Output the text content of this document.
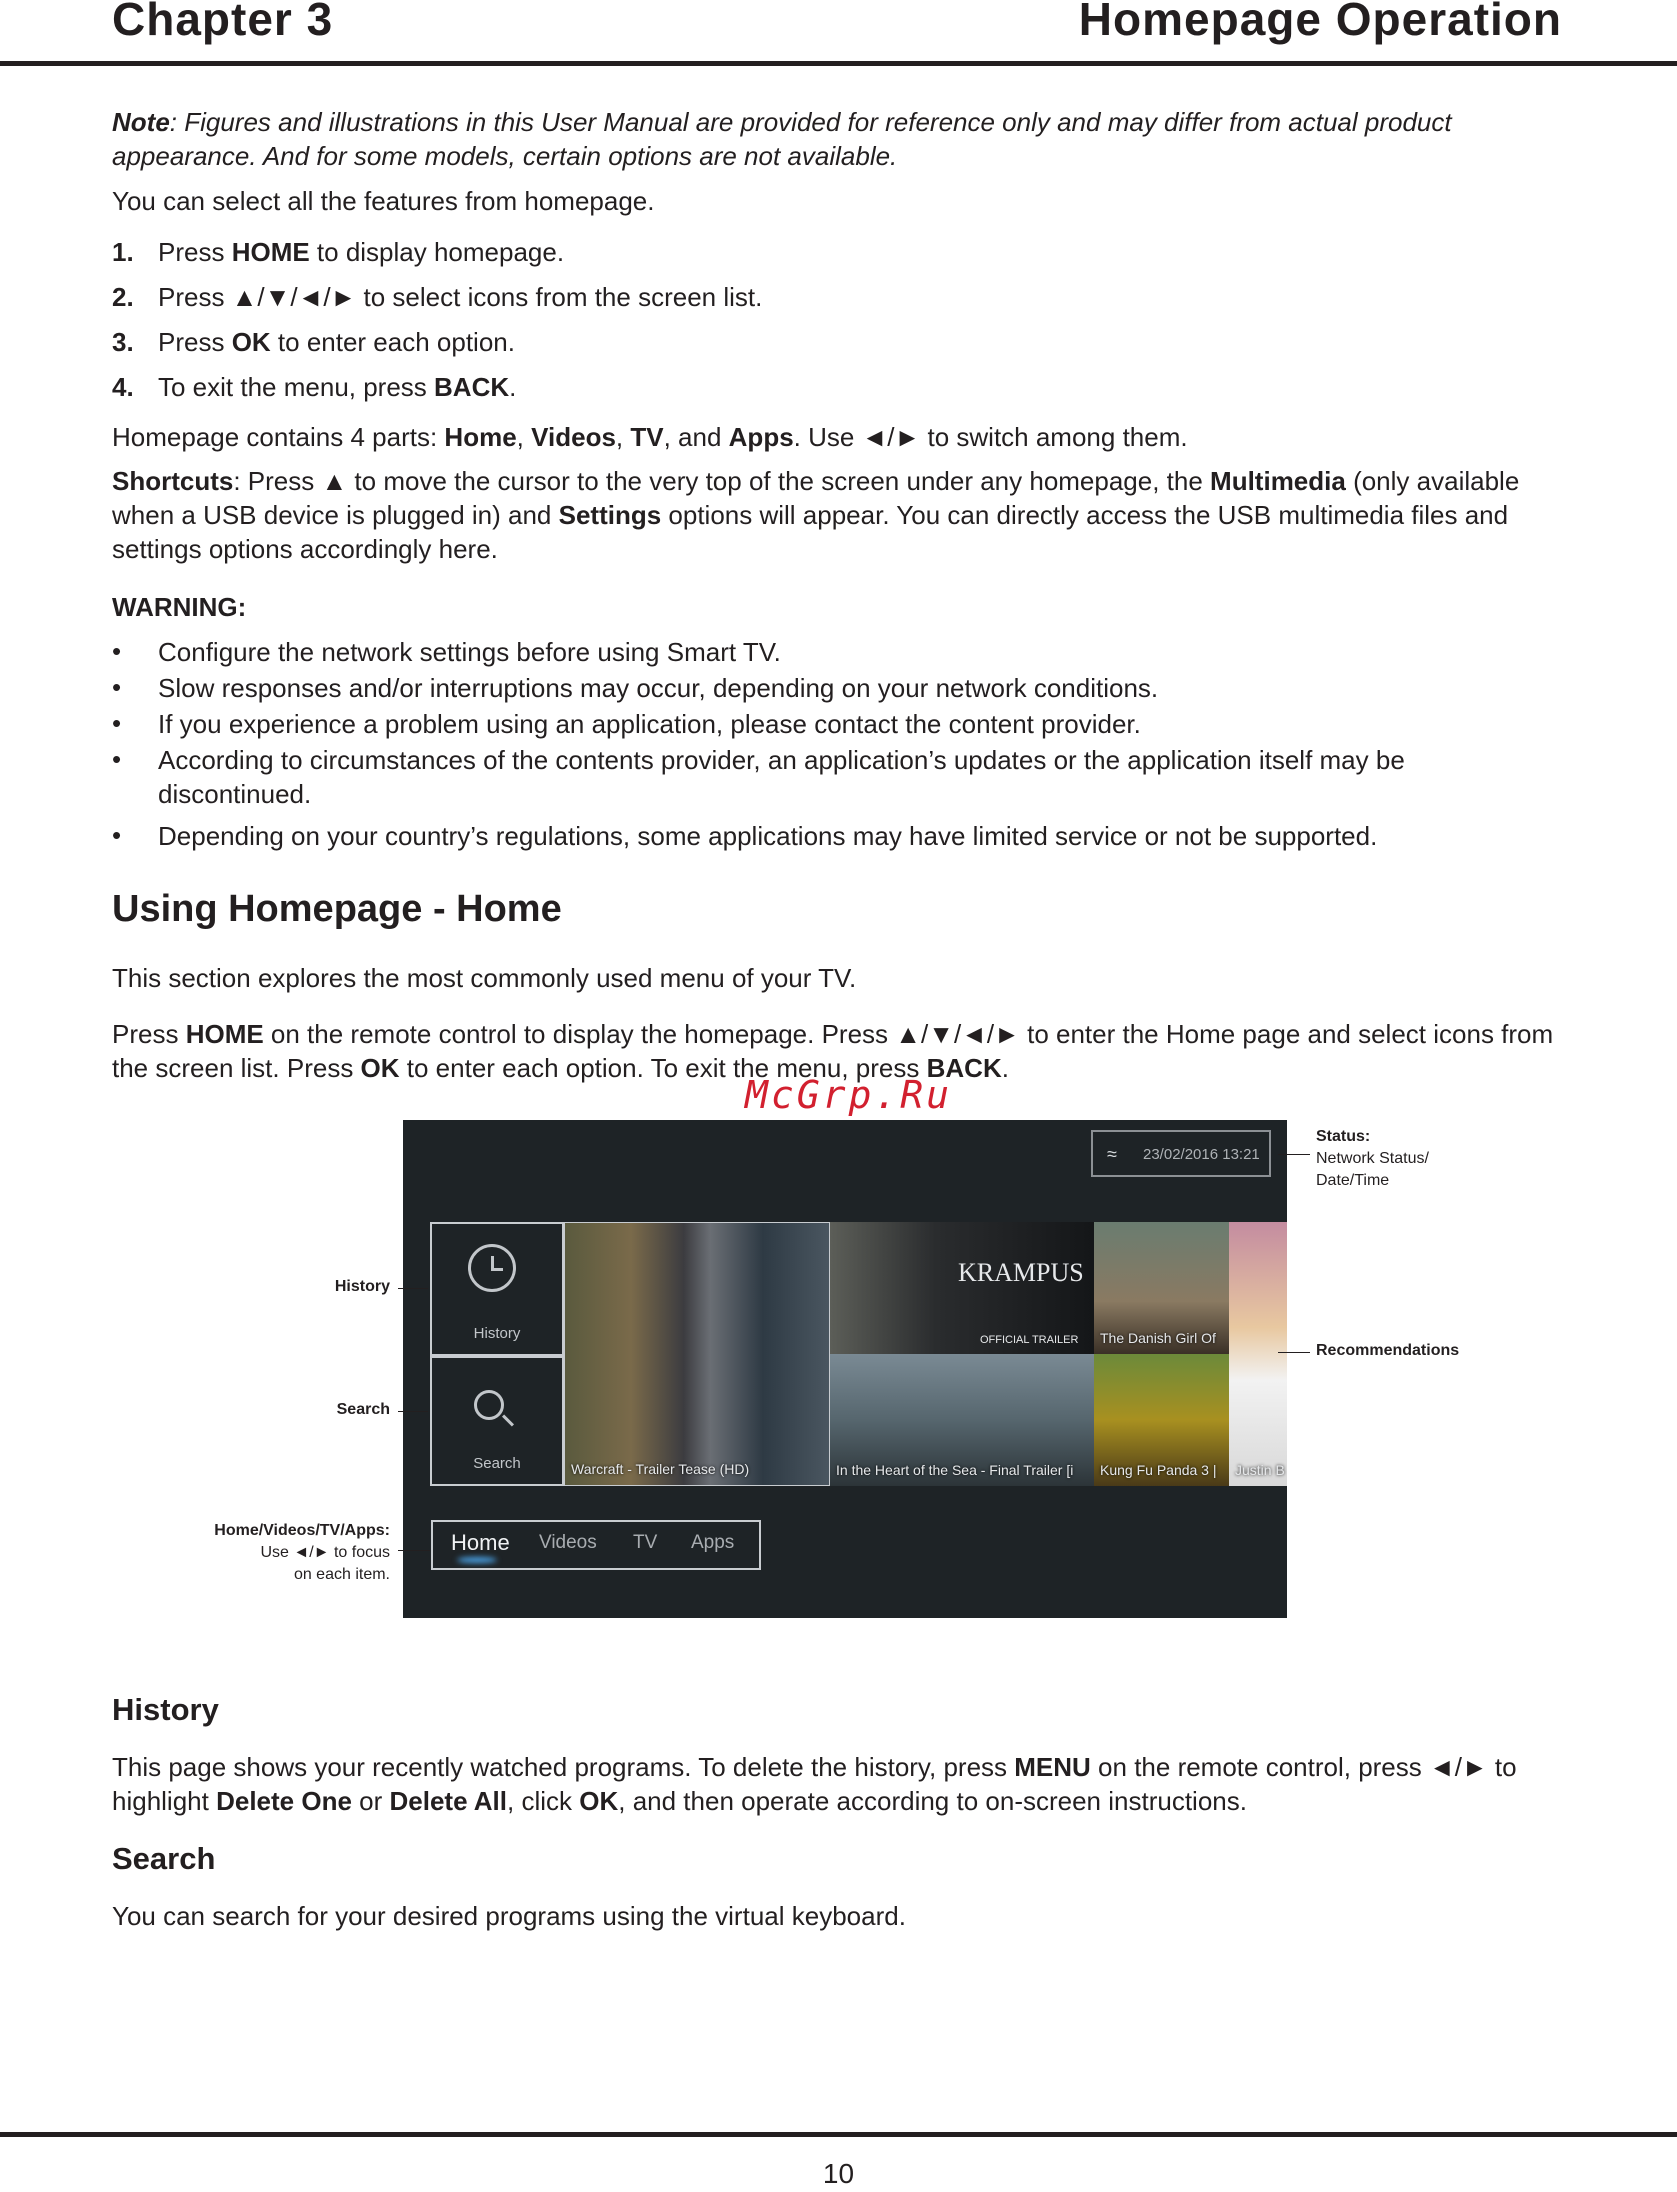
Chapter 3	Homepage Operation
Note: Figures and illustrations in this User Manual are provided for reference only and may differ from actual product appearance. And for some models, certain options are not available.
You can select all the features from homepage.
1. Press HOME to display homepage.
2. Press ▲/▼/◄/► to select icons from the screen list.
3. Press OK to enter each option.
4. To exit the menu, press BACK.
Homepage contains 4 parts: Home, Videos, TV, and Apps. Use ◄/► to switch among them.
Shortcuts: Press ▲ to move the cursor to the very top of the screen under any homepage, the Multimedia (only available when a USB device is plugged in) and Settings options will appear. You can directly access the USB multimedia files and settings options accordingly here.
WARNING:
• Configure the network settings before using Smart TV.
• Slow responses and/or interruptions may occur, depending on your network conditions.
• If you experience a problem using an application, please contact the content provider.
• According to circumstances of the contents provider, an application’s updates or the application itself may be discontinued.
• Depending on your country’s regulations, some applications may have limited service or not be supported.
Using Homepage - Home
This section explores the most commonly used menu of your TV.
Press HOME on the remote control to display the homepage. Press ▲/▼/◄/► to enter the Home page and select icons from the screen list. Press OK to enter each option. To exit the menu, press BACK.
McGrp.Ru
≈ 23/02/2016 13:21
History
Search	Warcraft - Trailer Tease (HD)
KRAMPUS
OFFICIAL TRAILER
In the Heart of the Sea - Final Trailer [i
The Danish Girl Of
Kung Fu Panda 3 | Justin B
Home Videos TV Apps
Status:
Network Status/
Date/Time
Recommendations
History
Search
Home/Videos/TV/Apps:
Use ◄/► to focus
on each item.
History
This page shows your recently watched programs. To delete the history, press MENU on the remote control, press ◄/► to highlight Delete One or Delete All, click OK, and then operate according to on-screen instructions.
Search
You can search for your desired programs using the virtual keyboard.
10
